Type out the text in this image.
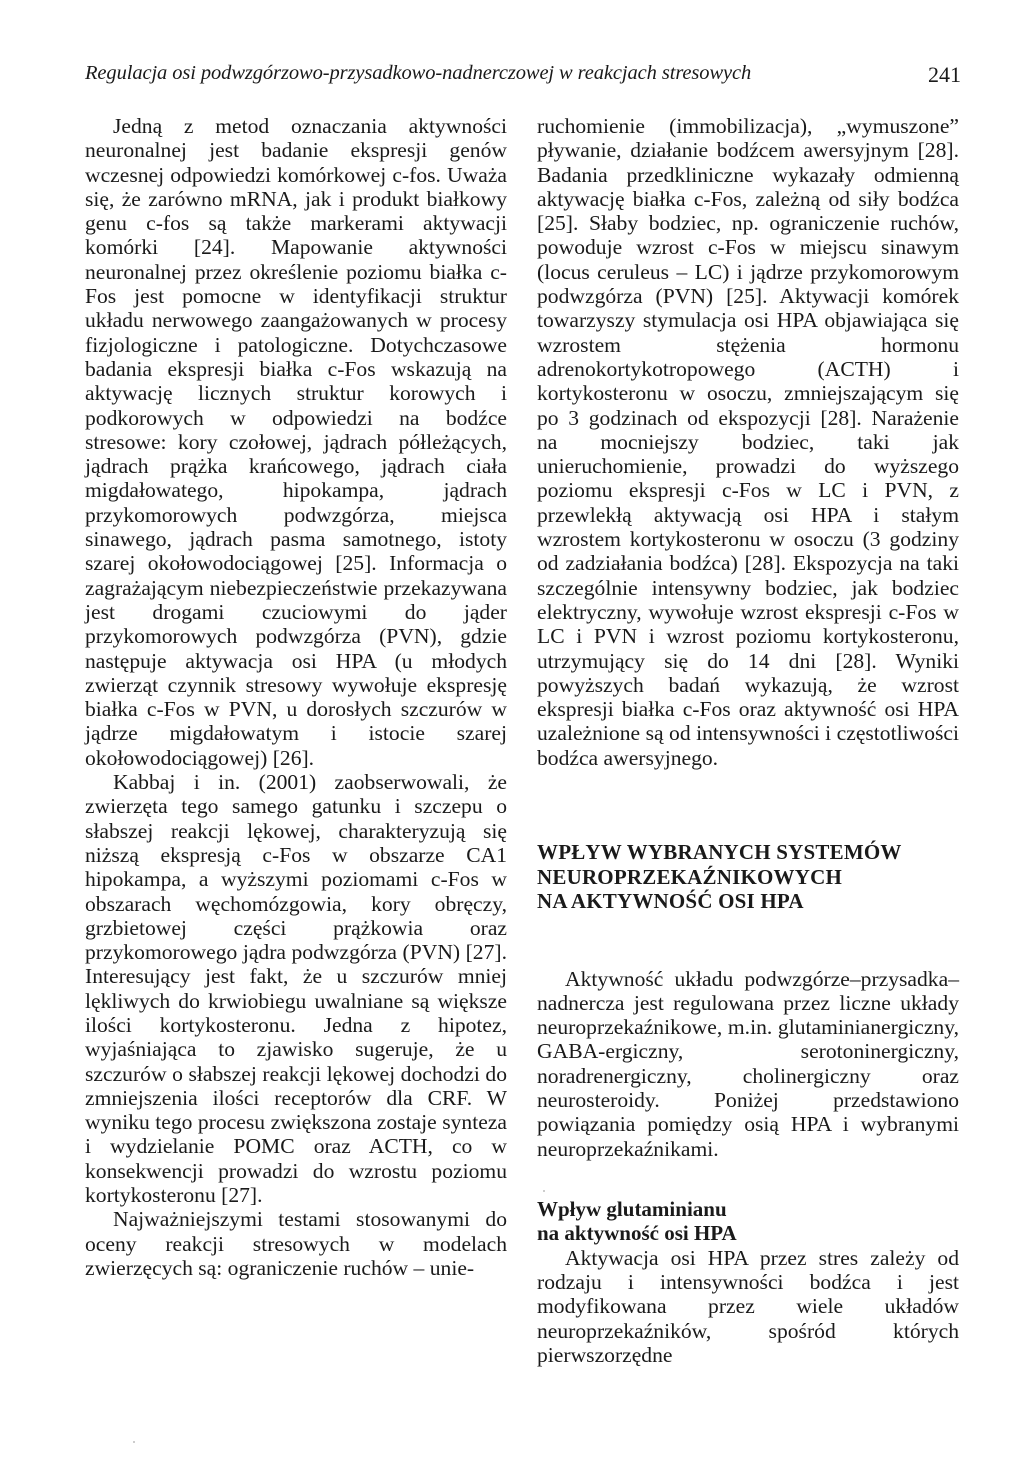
Regulacja osi podwzgórzowo-przysadkowo-nadnerczowej w reakcjach stresowych	241

Jedną z metod oznaczania aktywności neuronalnej jest badanie ekspresji genów wczesnej odpowiedzi komórkowej c-fos. Uważa się, że zarówno mRNA, jak i produkt białkowy genu c-fos są także markerami aktywacji komórki [24]. Mapowanie aktywności neuronalnej przez określenie poziomu białka c-Fos jest pomocne w identyfikacji struktur układu nerwowego zaangażowanych w procesy fizjologiczne i patologiczne. Dotychczasowe badania ekspresji białka c-Fos wskazują na aktywację licznych struktur korowych i podkorowych w odpowiedzi na bodźce stresowe: kory czołowej, jądrach półleżących, jądrach prążka krańcowego, jądrach ciała migdałowatego, hipokampa, jądrach przykomorowych podwzgórza, miejsca sinawego, jądrach pasma samotnego, istoty szarej okołowodociągowej [25]. Informacja o zagrażającym niebezpieczeństwie przekazywana jest drogami czuciowymi do jąder przykomorowych podwzgórza (PVN), gdzie następuje aktywacja osi HPA (u młodych zwierząt czynnik stresowy wywołuje ekspresję białka c-Fos w PVN, u dorosłych szczurów w jądrze migdałowatym i istocie szarej okołowodociągowej) [26].

Kabbaj i in. (2001) zaobserwowali, że zwierzęta tego samego gatunku i szczepu o słabszej reakcji lękowej, charakteryzują się niższą ekspresją c-Fos w obszarze CA1 hipokampa, a wyższymi poziomami c-Fos w obszarach węchomózgowia, kory obręczy, grzbietowej części prążkowia oraz przykomorowego jądra podwzgórza (PVN) [27]. Interesujący jest fakt, że u szczurów mniej lękliwych do krwiobiegu uwalniane są większe ilości kortykosteronu. Jedna z hipotez, wyjaśniająca to zjawisko sugeruje, że u szczurów o słabszej reakcji lękowej dochodzi do zmniejszenia ilości receptorów dla CRF. W wyniku tego procesu zwiększona zostaje synteza i wydzielanie POMC oraz ACTH, co w konsekwencji prowadzi do wzrostu poziomu kortykosteronu [27].

Najważniejszymi testami stosowanymi do oceny reakcji stresowych w modelach zwierzęcych są: ograniczenie ruchów – unie-

ruchomienie (immobilizacja), „wymuszone” pływanie, działanie bodźcem awersyjnym [28]. Badania przedkliniczne wykazały odmienną aktywację białka c-Fos, zależną od siły bodźca [25]. Słaby bodziec, np. ograniczenie ruchów, powoduje wzrost c-Fos w miejscu sinawym (locus ceruleus – LC) i jądrze przykomorowym podwzgórza (PVN) [25]. Aktywacji komórek towarzyszy stymulacja osi HPA objawiająca się wzrostem stężenia hormonu adrenokortykotropowego (ACTH) i kortykosteronu w osoczu, zmniejszającym się po 3 godzinach od ekspozycji [28]. Narażenie na mocniejszy bodziec, taki jak unieruchomienie, prowadzi do wyższego poziomu ekspresji c-Fos w LC i PVN, z przewlekłą aktywacją osi HPA i stałym wzrostem kortykosteronu w osoczu (3 godziny od zadziałania bodźca) [28]. Ekspozycja na taki szczególnie intensywny bodziec, jak bodziec elektryczny, wywołuje wzrost ekspresji c-Fos w LC i PVN i wzrost poziomu kortykosteronu, utrzymujący się do 14 dni [28]. Wyniki powyższych badań wykazują, że wzrost ekspresji białka c-Fos oraz aktywność osi HPA uzależnione są od intensywności i częstotliwości bodźca awersyjnego.

WPŁYW WYBRANYCH SYSTEMÓW
NEUROPRZEKAŹNIKOWYCH
NA AKTYWNOŚĆ OSI HPA

Aktywność układu podwzgórze–przysadka–nadnercza jest regulowana przez liczne układy neuroprzekaźnikowe, m.in. glutaminianergiczny, GABA-ergiczny, serotoninergiczny, noradrenergiczny, cholinergiczny oraz neurosteroidy. Poniżej przedstawiono powiązania pomiędzy osią HPA i wybranymi neuroprzekaźnikami.

Wpływ glutaminianu
na aktywność osi HPA

Aktywacja osi HPA przez stres zależy od rodzaju i intensywności bodźca i jest modyfikowana przez wiele układów neuroprzekaźników, spośród których pierwszorzędne
